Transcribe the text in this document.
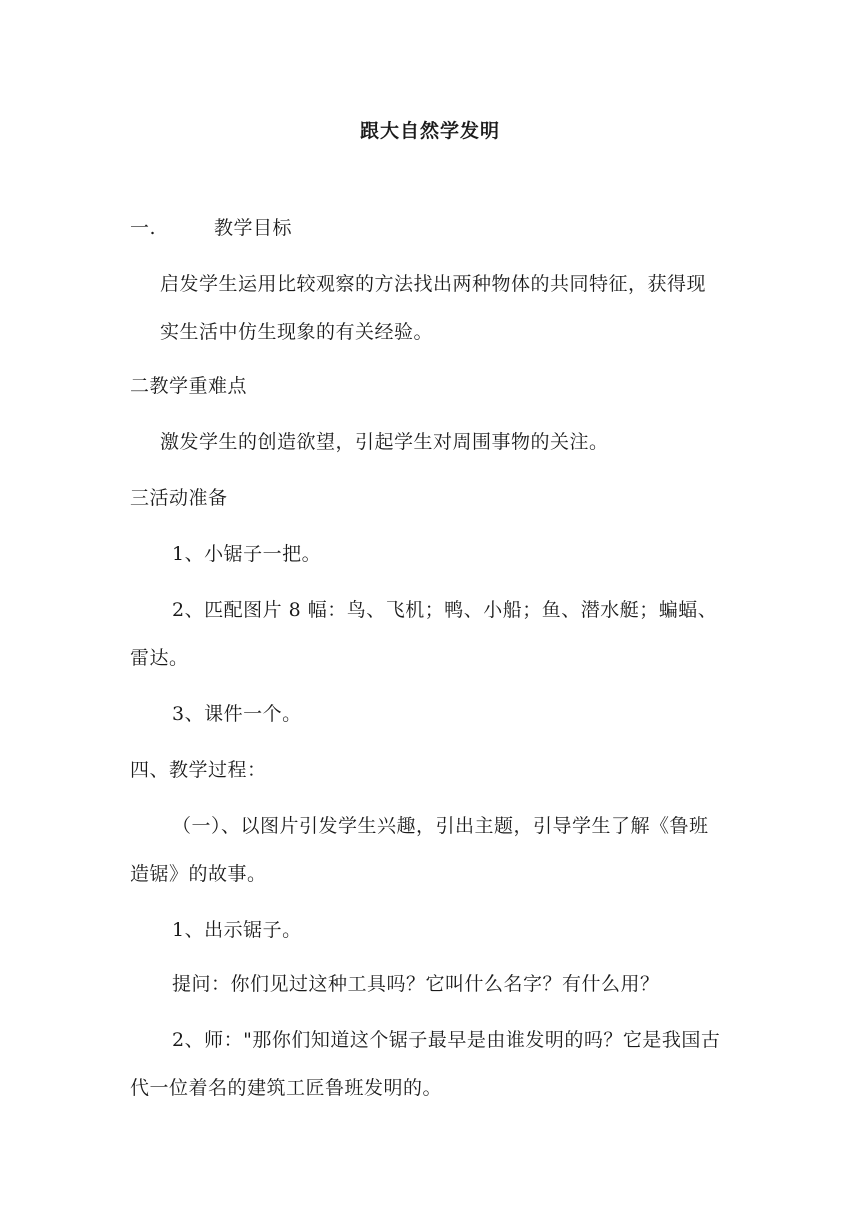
跟大自然学发明
一.	教学目标
启发学生运用比较观察的方法找出两种物体的共同特征，获得现
实生活中仿生现象的有关经验。
二教学重难点
激发学生的创造欲望，引起学生对周围事物的关注。
三活动准备
1、小锯子一把。
2、匹配图片 8 幅：鸟、飞机；鸭、小船；鱼、潜水艇；蝙蝠、
雷达。
3、课件一个。
四、教学过程：
（一）、以图片引发学生兴趣，引出主题，引导学生了解《鲁班
造锯》的故事。
1、出示锯子。
提问：你们见过这种工具吗？它叫什么名字？有什么用？
2、师："那你们知道这个锯子最早是由谁发明的吗？它是我国古
代一位着名的建筑工匠鲁班发明的。
